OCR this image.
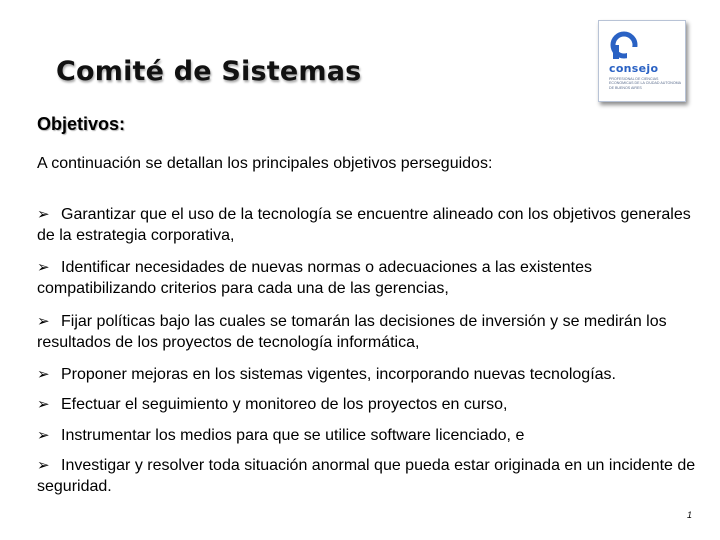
Comité de Sistemas	consejo
PROFESIONAL DE CIENCIAS ECONOMICAS DE LA CIUDAD AUTONOMA DE BUENOS AIRES
Objetivos:
A continuación se detallan los principales objetivos perseguidos:
➢ Garantizar que el uso de la tecnología se encuentre alineado con los objetivos generales de la estrategia corporativa,
➢ Identificar necesidades de nuevas normas o adecuaciones a las existentes compatibilizando criterios para cada una de las gerencias,
➢ Fijar políticas bajo las cuales se tomarán las decisiones de inversión y se medirán los resultados de los proyectos de tecnología informática,
➢ Proponer mejoras en los sistemas vigentes, incorporando nuevas tecnologías.
➢ Efectuar el seguimiento y monitoreo de los proyectos en curso,
➢ Instrumentar los medios para que se utilice software licenciado, e
➢ Investigar y resolver toda situación anormal que pueda estar originada en un incidente de seguridad.
1
